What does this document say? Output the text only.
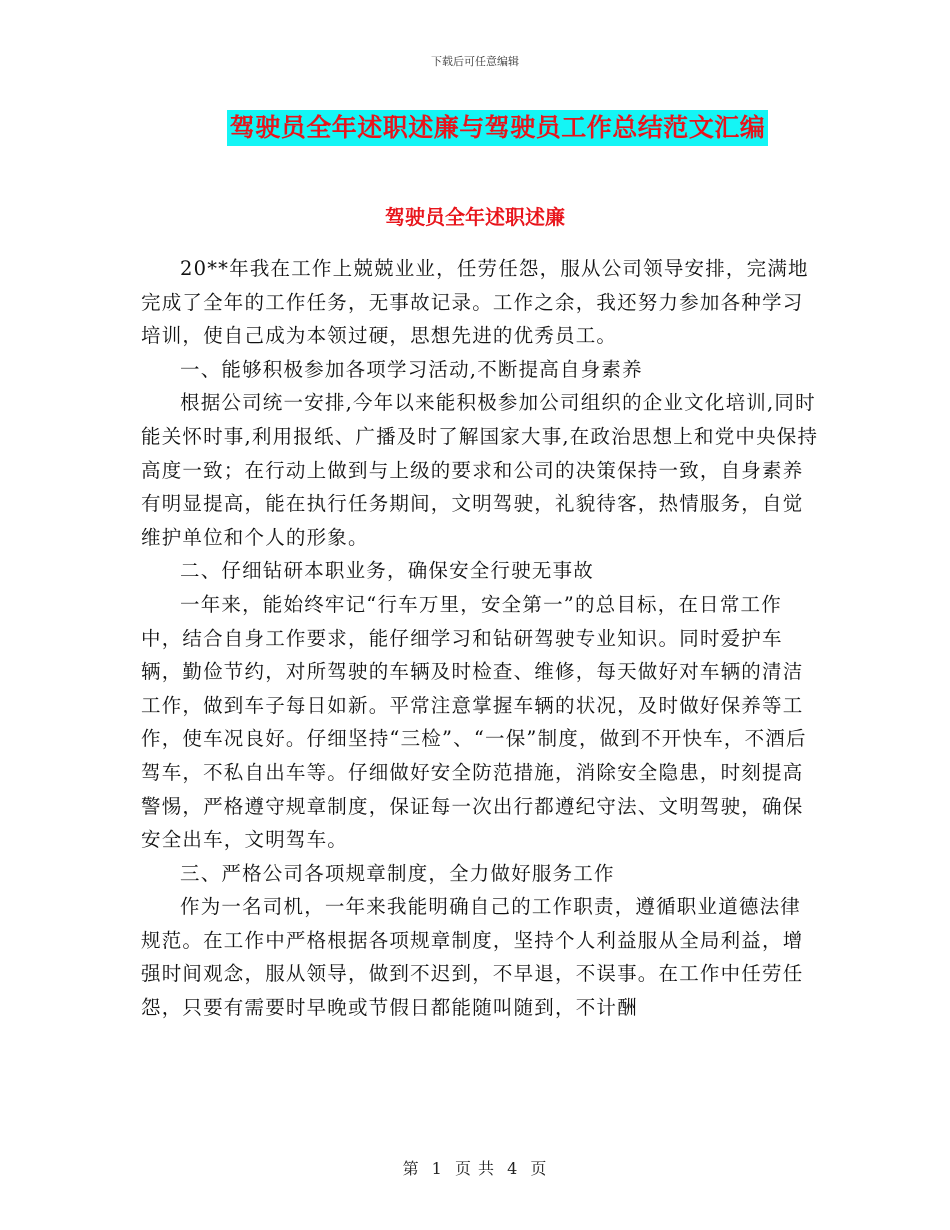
下载后可任意编辑
驾驶员全年述职述廉与驾驶员工作总结范文汇编
驾驶员全年述职述廉

20**年我在工作上兢兢业业，任劳任怨，服从公司领导安排，完满地完成了全年的工作任务，无事故记录。工作之余，我还努力参加各种学习培训，使自己成为本领过硬，思想先进的优秀员工。

一、能够积极参加各项学习活动,不断提高自身素养

根据公司统一安排,今年以来能积极参加公司组织的企业文化培训,同时能关怀时事,利用报纸、广播及时了解国家大事,在政治思想上和党中央保持高度一致；在行动上做到与上级的要求和公司的决策保持一致，自身素养有明显提高，能在执行任务期间，文明驾驶，礼貌待客，热情服务，自觉维护单位和个人的形象。

二、仔细钻研本职业务，确保安全行驶无事故

一年来，能始终牢记“行车万里，安全第一”的总目标，在日常工作中，结合自身工作要求，能仔细学习和钻研驾驶专业知识。同时爱护车辆，勤俭节约，对所驾驶的车辆及时检查、维修，每天做好对车辆的清洁工作，做到车子每日如新。平常注意掌握车辆的状况，及时做好保养等工作，使车况良好。仔细坚持“三检”、“一保”制度，做到不开快车，不酒后驾车，不私自出车等。仔细做好安全防范措施，消除安全隐患，时刻提高警惕，严格遵守规章制度，保证每一次出行都遵纪守法、文明驾驶，确保安全出车，文明驾车。

三、严格公司各项规章制度，全力做好服务工作

作为一名司机，一年来我能明确自己的工作职责，遵循职业道德法律规范。在工作中严格根据各项规章制度，坚持个人利益服从全局利益，增强时间观念，服从领导，做到不迟到，不早退，不误事。在工作中任劳任怨，只要有需要时早晚或节假日都能随叫随到，不计酬

第 1 页 共 4 页
